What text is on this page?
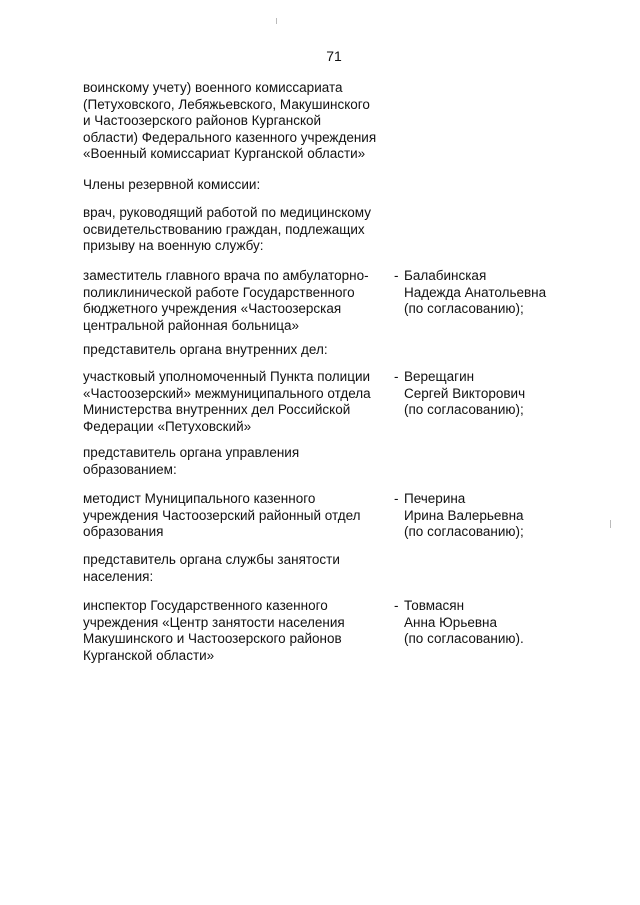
71
воинскому учету) военного комиссариата
(Петуховского, Лебяжьевского, Макушинского
и Частоозерского районов Курганской
области) Федерального казенного учреждения
«Военный комиссариат Курганской области»
Члены резервной комиссии:
врач, руководящий работой по медицинскому
освидетельствованию граждан, подлежащих
призыву на военную службу:
заместитель главного врача по амбулаторно-
поликлинической работе Государственного
бюджетного учреждения «Частоозерская
центральной районная больница»
- Балабинская
Надежда Анатольевна
(по согласованию);
представитель органа внутренних дел:
участковый уполномоченный Пункта полиции
«Частоозерский» межмуниципального отдела
Министерства внутренних дел Российской
Федерации «Петуховский»
- Верещагин
Сергей Викторович
(по согласованию);
представитель органа управления
образованием:
методист Муниципального казенного
учреждения Частоозерский районный отдел
образования
- Печерина
Ирина Валерьевна
(по согласованию);
представитель органа службы занятости
населения:
инспектор Государственного казенного
учреждения «Центр занятости населения
Макушинского и Частоозерского районов
Курганской области»
- Товмасян
Анна Юрьевна
(по согласованию).
